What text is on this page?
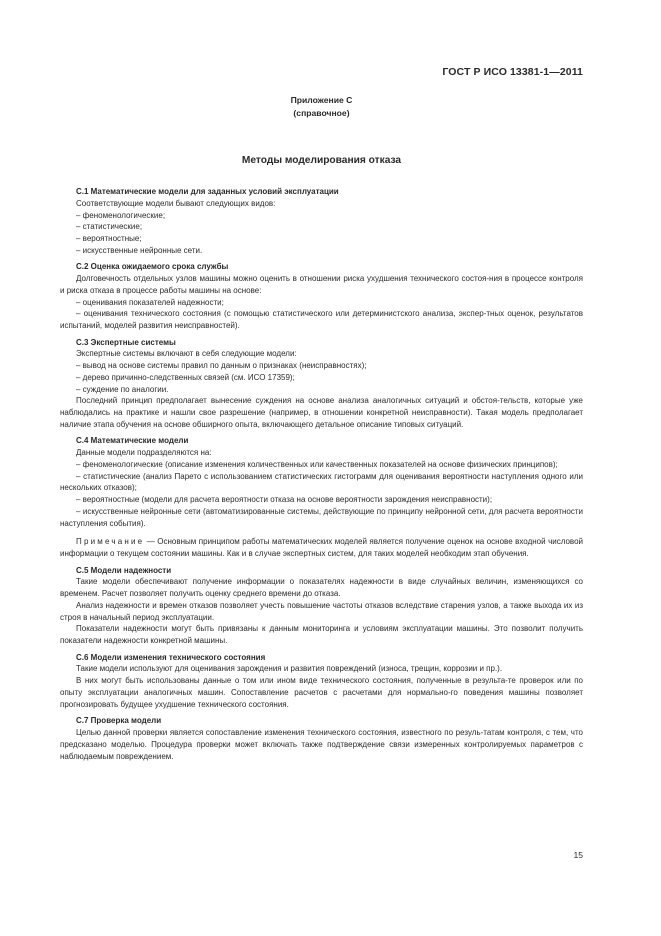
ГОСТ Р ИСО 13381-1—2011
Приложение С
(справочное)
Методы моделирования отказа

С.1 Математические модели для заданных условий эксплуатации

Соответствующие модели бывают следующих видов:

– феноменологические;

– статистические;

– вероятностные;

– искусственные нейронные сети.

С.2 Оценка ожидаемого срока службы

Долговечность отдельных узлов машины можно оценить в отношении риска ухудшения технического состоя-ния в процессе контроля и риска отказа в процессе работы машины на основе:

– оценивания показателей надежности;

– оценивания технического состояния (с помощью статистического или детерминистского анализа, экспер-тных оценок, результатов испытаний, моделей развития неисправностей).

С.3 Экспертные системы

Экспертные системы включают в себя следующие модели:

– вывод на основе системы правил по данным о признаках (неисправностях);

– дерево причинно-следственных связей (см. ИСО 17359);

– суждение по аналогии.

Последний принцип предполагает вынесение суждения на основе анализа аналогичных ситуаций и обстоя-тельств, которые уже наблюдались на практике и нашли свое разрешение (например, в отношении конкретной неисправности). Такая модель предполагает наличие этапа обучения на основе обширного опыта, включающего детальное описание типовых ситуаций.

С.4 Математические модели

Данные модели подразделяются на:

– феноменологические (описание изменения количественных или качественных показателей на основе физических принципов);

– статистические (анализ Парето с использованием статистических гистограмм для оценивания вероятности наступления одного или нескольких отказов);

– вероятностные (модели для расчета вероятности отказа на основе вероятности зарождения неисправности);

– искусственные нейронные сети (автоматизированные системы, действующие по принципу нейронной сети, для расчета вероятности наступления события).

Примечание — Основным принципом работы математических моделей является получение оценок на основе входной числовой информации о текущем состоянии машины. Как и в случае экспертных систем, для таких моделей необходим этап обучения.

С.5 Модели надежности

Такие модели обеспечивают получение информации о показателях надежности в виде случайных величин, изменяющихся со временем. Расчет позволяет получить оценку среднего времени до отказа.

Анализ надежности и времен отказов позволяет учесть повышение частоты отказов вследствие старения узлов, а также выхода их из строя в начальный период эксплуатации.

Показатели надежности могут быть привязаны к данным мониторинга и условиям эксплуатации машины. Это позволит получить показатели надежности конкретной машины.

С.6 Модели изменения технического состояния

Такие модели используют для оценивания зарождения и развития повреждений (износа, трещин, коррозии и пр.).

В них могут быть использованы данные о том или ином виде технического состояния, полученные в результа-те проверок или по опыту эксплуатации аналогичных машин. Сопоставление расчетов с расчетами для нормально-го поведения машины позволяет прогнозировать будущее ухудшение технического состояния.

С.7 Проверка модели

Целью данной проверки является сопоставление изменения технического состояния, известного по резуль-татам контроля, с тем, что предсказано моделью. Процедура проверки может включать также подтверждение связи измеренных контролируемых параметров с наблюдаемым повреждением.

15
